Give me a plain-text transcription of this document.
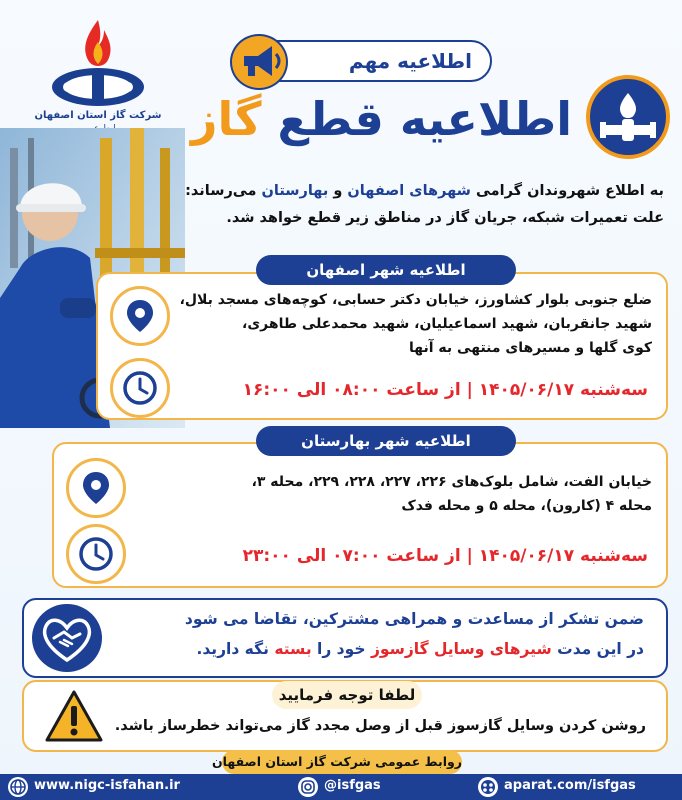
شرکت گاز استان اصفهان
اطلاعیه مهم
اطلاعیه قطع گاز
به اطلاع شهروندان گرامی شهرهای اصفهان و بهارستان می‌رساند:
علت تعمیرات شبکه، جریان گاز در مناطق زیر قطع خواهد شد.
اطلاعیه شهر اصفهان
ضلع جنوبی بلوار کشاورز، خیابان دکتر حسابی، کوچه‌های مسجد بلال،
شهید جانقربان، شهید اسماعیلیان، شهید محمدعلی طاهری،
کوی گلها و مسیرهای منتهی به آنها
سه‌شنبه ۱۴۰۵/۰۶/۱۷ | از ساعت ۰۸:۰۰ الی ۱۶:۰۰
اطلاعیه شهر بهارستان
خیابان الفت، شامل بلوک‌های ۲۲۶، ۲۲۷، ۲۲۸، ۲۲۹، محله ۳،
محله ۴ (کارون)، محله ۵ و محله فدک
سه‌شنبه ۱۴۰۵/۰۶/۱۷ | از ساعت ۰۷:۰۰ الی ۲۳:۰۰
ضمن تشکر از مساعدت و همراهی مشترکین، تقاضا می شود
در این مدت شیرهای وسایل گازسوز خود را بسته نگه دارید.
لطفا توجه فرمایید
روشن کردن وسایل گازسوز قبل از وصل مجدد گاز می‌تواند خطرساز باشد.
روابط عمومی شرکت گاز استان اصفهان
www.nigc-isfahan.ir	@isfgas	aparat.com/isfgas
